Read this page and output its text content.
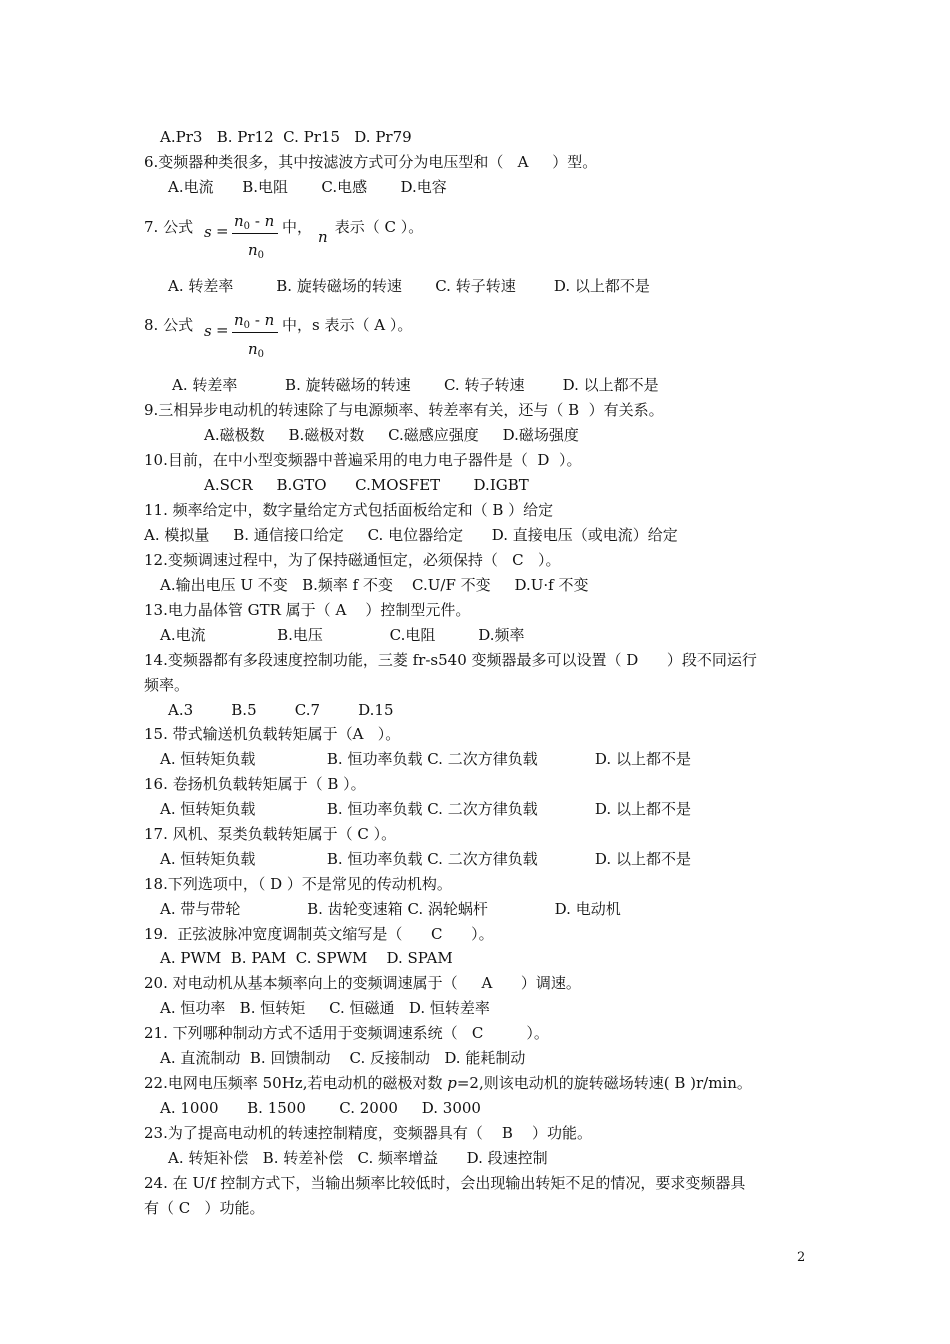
A.Pr3   B. Pr12  C. Pr15   D. Pr79
6.变频器种类很多，其中按滤波方式可分为电压型和（   A     ）型。
A.电流      B.电阻       C.电感       D.电容
7. 公式 s =
$n_0$ - n
$n_0$
中，
n
表示（ C ）。
A. 转差率         B. 旋转磁场的转速       C. 转子转速        D. 以上都不是
8. 公式 s =
$n_0$ - n
$n_0$
中，s 表示（ A ）。
A. 转差率          B. 旋转磁场的转速       C. 转子转速        D. 以上都不是
9.三相异步电动机的转速除了与电源频率、转差率有关，还与（ B  ）有关系。
A.磁极数     B.磁极对数     C.磁感应强度     D.磁场强度
10.目前，在中小型变频器中普遍采用的电力电子器件是（  D  ）。
A.SCR     B.GTO      C.MOSFET       D.IGBT
11. 频率给定中，数字量给定方式包括面板给定和（ B ）给定
A. 模拟量     B. 通信接口给定     C. 电位器给定      D. 直接电压（或电流）给定
12.变频调速过程中，为了保持磁通恒定，必须保持（   C   ）。
A.输出电压 U 不变   B.频率 f 不变    C.U/F 不变     D.U·f 不变
13.电力晶体管 GTR 属于（ A    ）控制型元件。
A.电流               B.电压              C.电阻         D.频率
14.变频器都有多段速度控制功能，三菱 fr-s540 变频器最多可以设置（ D      ）段不同运行
频率。
A.3        B.5        C.7        D.15
15. 带式输送机负载转矩属于（A   ）。
A. 恒转矩负载               B. 恒功率负载 C. 二次方律负载            D. 以上都不是
16. 卷扬机负载转矩属于（ B ）。
A. 恒转矩负载               B. 恒功率负载 C. 二次方律负载            D. 以上都不是
17. 风机、泵类负载转矩属于（ C ）。
A. 恒转矩负载               B. 恒功率负载 C. 二次方律负载            D. 以上都不是
18.下列选项中，（ D ）不是常见的传动机构。
A. 带与带轮              B. 齿轮变速箱 C. 涡轮蜗杆              D. 电动机
19.  正弦波脉冲宽度调制英文缩写是（      C      ）。
A. PWM  B. PAM  C. SPWM    D. SPAM
20. 对电动机从基本频率向上的变频调速属于（     A      ）调速。
A. 恒功率   B. 恒转矩     C. 恒磁通   D. 恒转差率
21. 下列哪种制动方式不适用于变频调速系统（   C         ）。
A. 直流制动  B. 回馈制动    C. 反接制动   D. 能耗制动
22.电网电压频率 50Hz,若电动机的磁极对数 p=2,则该电动机的旋转磁场转速( B )r/min。
A. 1000      B. 1500       C. 2000     D. 3000
23.为了提高电动机的转速控制精度，变频器具有（    B    ）功能。
A. 转矩补偿   B. 转差补偿   C. 频率增益      D. 段速控制
24. 在 U/f 控制方式下，当输出频率比较低时，会出现输出转矩不足的情况，要求变频器具
有（ C   ）功能。
2
